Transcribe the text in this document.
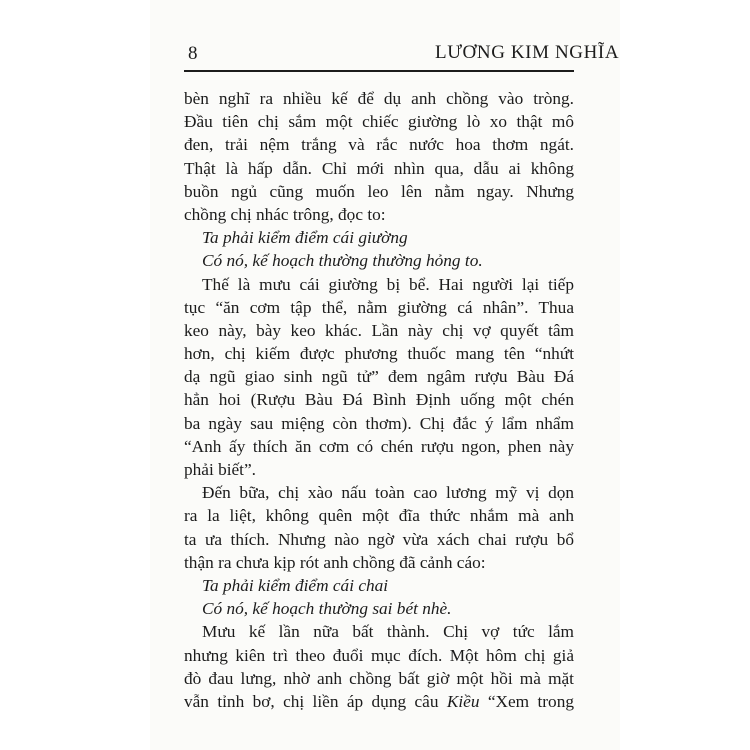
8	LƯƠNG KIM NGHĨA
bèn nghĩ ra nhiều kế để dụ anh chồng vào tròng.
Đầu tiên chị sắm một chiếc giường lò xo thật mô
đen, trải nệm trắng và rắc nước hoa thơm ngát.
Thật là hấp dẫn. Chỉ mới nhìn qua, dẫu ai không
buồn ngủ cũng muốn leo lên nằm ngay. Nhưng
chồng chị nhác trông, đọc to:
Ta phải kiểm điểm cái giường
Có nó, kế hoạch thường thường hỏng to.
Thế là mưu cái giường bị bể. Hai người lại tiếp
tục “ăn cơm tập thể, nằm giường cá nhân”. Thua
keo này, bày keo khác. Lần này chị vợ quyết tâm
hơn, chị kiếm được phương thuốc mang tên “nhứt
dạ ngũ giao sinh ngũ tử” đem ngâm rượu Bàu Đá
hẳn hoi (Rượu Bàu Đá Bình Định uống một chén
ba ngày sau miệng còn thơm). Chị đắc ý lẩm nhẩm
“Anh ấy thích ăn cơm có chén rượu ngon, phen này
phải biết”.
Đến bữa, chị xào nấu toàn cao lương mỹ vị dọn
ra la liệt, không quên một đĩa thức nhắm mà anh
ta ưa thích. Nhưng nào ngờ vừa xách chai rượu bổ
thận ra chưa kịp rót anh chồng đã cảnh cáo:
Ta phải kiểm điểm cái chai
Có nó, kế hoạch thường sai bét nhè.
Mưu kế lần nữa bất thành. Chị vợ tức lắm
nhưng kiên trì theo đuổi mục đích. Một hôm chị giả
đò đau lưng, nhờ anh chồng bất giờ một hồi mà mặt
vẫn tỉnh bơ, chị liền áp dụng câu Kiều “Xem trong
